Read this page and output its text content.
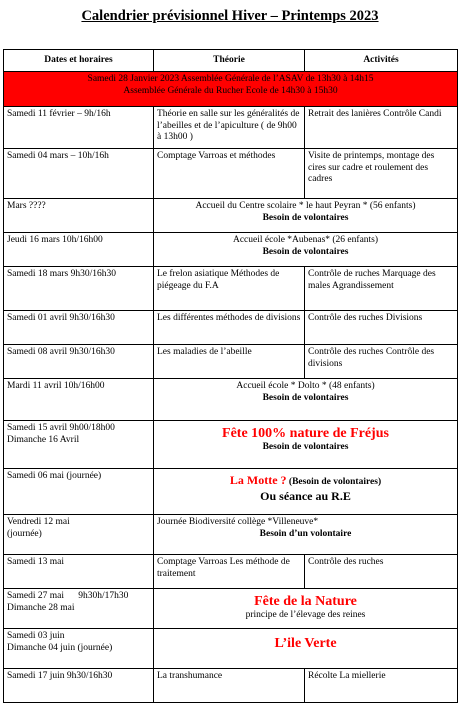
Calendrier prévisionnel Hiver – Printemps 2023
Dates et horaires	Théorie	Activités

Samedi 28 Janvier 2023 Assemblée Générale de l’ASAV de 13h30 à 14h15
Assemblée Générale du Rucher Ecole de 14h30 à 15h30		

Samedi 11 février – 9h/16h	Théorie en salle sur les généralités de l’abeilles et de l’apiculture ( de 9h00 à 13h00 )	Retrait des lanières Contrôle Candi
Samedi 04 mars – 10h/16h	Comptage Varroas et méthodes	Visite de printemps, montage des cires sur cadre et roulement des cadres
Mars ????	Accueil du Centre scolaire * le haut Peyran * (56 enfants)
Besoin de volontaires	

Jeudi 16 mars 10h/16h00	Accueil école *Aubenas* (26 enfants)
Besoin de volontaires	

Samedi 18 mars 9h30/16h30	Le frelon asiatique Méthodes de piégeage du F.A	Contrôle de ruches Marquage des males Agrandissement
Samedi 01 avril 9h30/16h30	Les différentes méthodes de divisions	Contrôle des ruches Divisions
Samedi 08 avril 9h30/16h30	Les maladies de l’abeille	Contrôle des ruches Contrôle des divisions
Mardi 11 avril 10h/16h00	Accueil école * Dolto * (48 enfants)
Besoin de volontaires	

Samedi 15 avril 9h00/18h00
Dimanche 16 Avril	Fête 100% nature de Fréjus
Besoin de volontaires	

Samedi 06 mai (journée)	La Motte ? (Besoin de volontaires)
Ou séance au R.E	

Vendredi 12 mai
(journée)	Journée Biodiversité collège *Villeneuve*
Besoin d’un volontaire	

Samedi 13 mai	Comptage Varroas Les méthode de traitement	Contrôle des ruches

Samedi 27 mai 9h30h/17h30
Dimanche 28 mai	Fête de la Nature
principe de l’élevage des reines	

Samedi 03 juin
Dimanche 04 juin (journée)	L’ile Verte	

Samedi 17 juin 9h30/16h30	La transhumance	Récolte La miellerie
